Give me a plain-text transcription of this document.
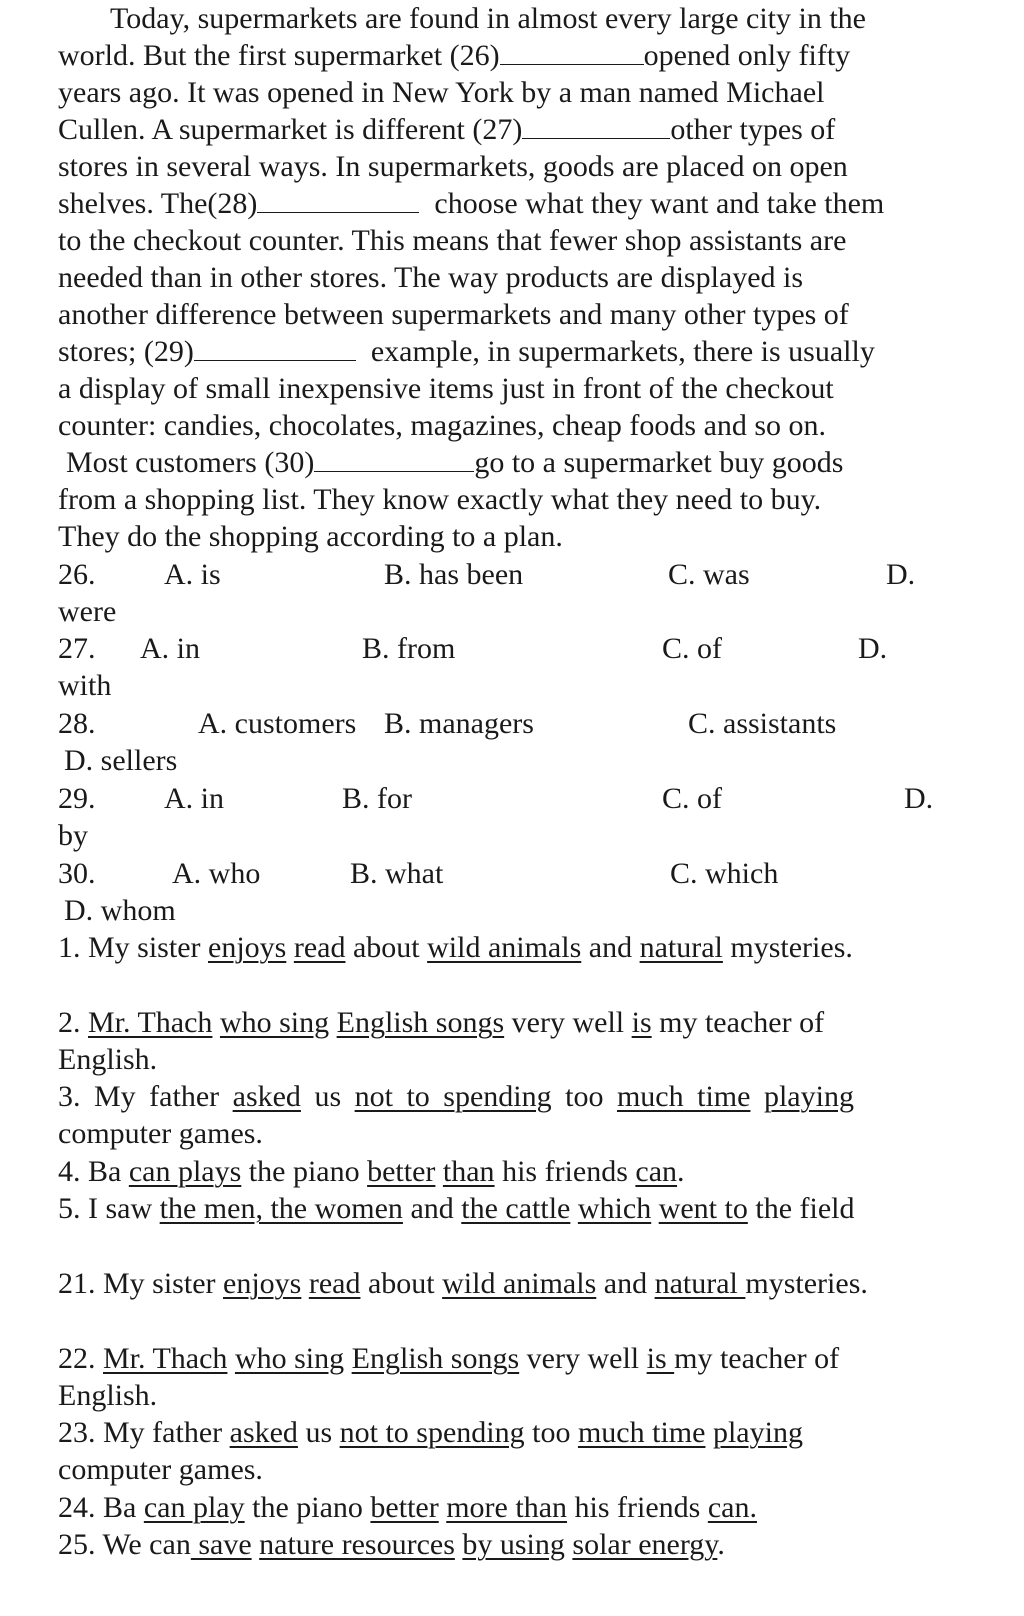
Today, supermarkets are found in almost every large city in the
world. But the first supermarket (26)	opened only fifty
years ago. It was opened in New York by a man named Michael
Cullen. A supermarket is different (27)	other types of
stores in several ways. In supermarkets, goods are placed on open
shelves. The(28)	choose what they want and take them
to the checkout counter. This means that fewer shop assistants are
needed than in other stores. The way products are displayed is
another difference between supermarkets and many other types of
stores; (29)	example, in supermarkets, there is usually
a display of small inexpensive items just in front of the checkout
counter: candies, chocolates, magazines, cheap foods and so on.
Most customers (30)	go to a supermarket buy goods
from a shopping list. They know exactly what they need to buy.
They do the shopping according to a plan.
26. A. is	B. has been	C. was	D.
were
27. A. in	B. from	C. of	D.
with
28.	A. customers B. managers	C. assistants
D. sellers
29. A. in	B. for	C. of	D.
by
30.	A. who	B. what	C. which
D. whom
1. My sister enjoys read about wild animals and natural mysteries.
2. Mr. Thach who sing English songs very well is my teacher of
English.
3. My father asked us not to spending too much time playing
computer games.
4. Ba can plays the piano better than his friends can.
5. I saw the men, the women and the cattle which went to the field
21. My sister enjoys read about wild animals and natural mysteries.
22. Mr. Thach who sing English songs very well is my teacher of
English.
23. My father asked us not to spending too much time playing
computer games.
24. Ba can play the piano better more than his friends can.
25. We can save nature resources by using solar energy.
